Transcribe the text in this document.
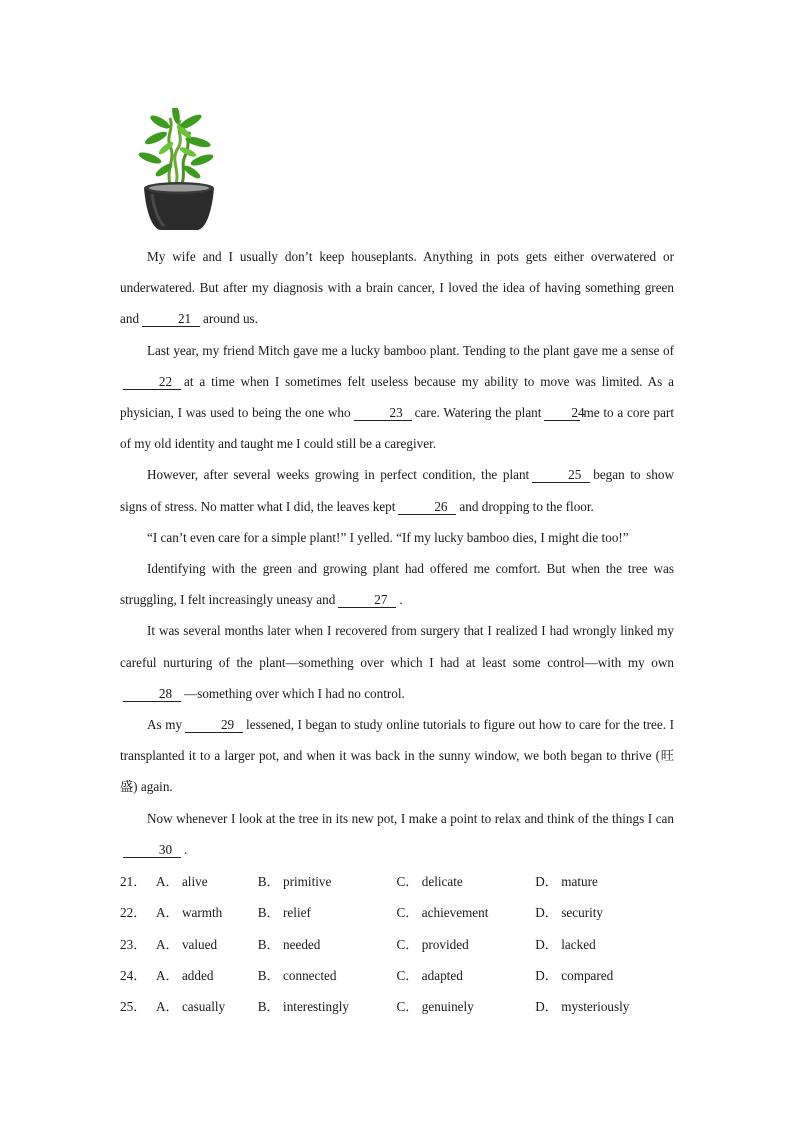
My wife and I usually don’t keep houseplants. Anything in pots gets either overwatered or underwatered. But after my diagnosis with a brain cancer, I loved the idea of having something green and	21 around us.

Last year, my friend Mitch gave me a lucky bamboo plant. Tending to the plant gave me a sense of22 at a time when I sometimes felt useless because my ability to move was limited. As a physician, I was used to being the one who	23 care. Watering the plant 24me to a core part of my old identity and taught me I could still be a caregiver.

However, after several weeks growing in perfect condition, the plant	25 began to show signs of stress. No matter what I did, the leaves kept	26 and dropping to the floor.

“I can’t even care for a simple plant!” I yelled. “If my lucky bamboo dies, I might die too!”

Identifying with the green and growing plant had offered me comfort. But when the tree was struggling, I felt increasingly uneasy and	27 .

It was several months later when I recovered from surgery that I realized I had wrongly linked my careful nurturing of the plant—something over which I had at least some control—with my own28 —something over which I had no control.

As my	29 lessened, I began to study online tutorials to figure out how to care for the tree. I transplanted it to a larger pot, and when it was back in the sunny window, we both began to thrive (旺盛) again.

Now whenever I look at the tree in its new pot, I make a point to relax and think of the things I can30 .

21． A． alive	B． primitive	C． delicate	D． mature
22． A． warmth	B． relief	C． achievement	D． security
23． A． valued	B． needed	C． provided	D． lacked
24． A． added	B． connected	C． adapted	D． compared
25． A． casually	B． interestingly	C． genuinely	D． mysteriously
